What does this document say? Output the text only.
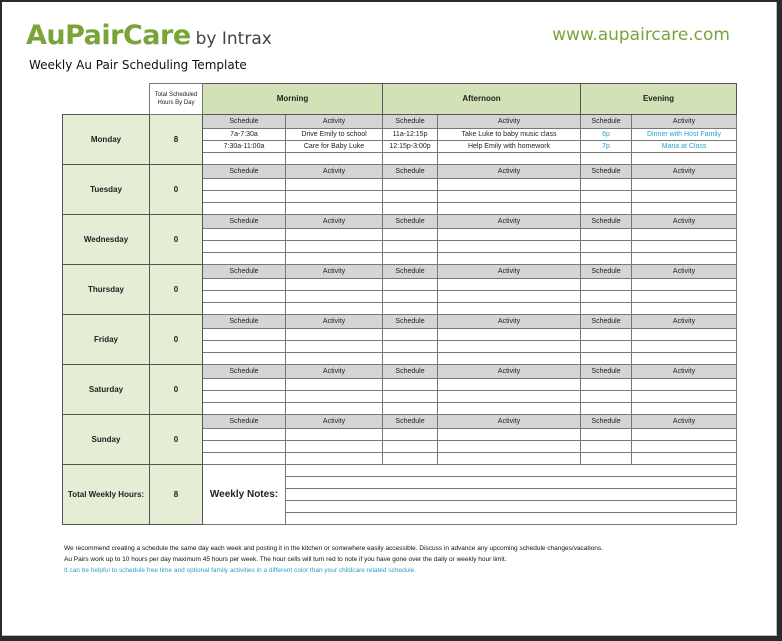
AuPairCare by Intrax	www.aupaircare.com
Weekly Au Pair Scheduling Template
	Total Scheduled Hours By Day	Morning		Afternoon		Evening	
Monday	8	Schedule	Activity	Schedule	Activity	Schedule	Activity
		7a-7:30a	Drive Emily to school	11a-12:15p	Take Luke to baby music class	6p	Dinner with Host Family
		7:30a-11:00a	Care for Baby Luke	12:15p-3:00p	Help Emily with homework	7p	Maria at Class

Tuesday	0	Schedule	Activity	Schedule	Activity	Schedule	Activity

Wednesday	0	Schedule	Activity	Schedule	Activity	Schedule	Activity

Thursday	0	Schedule	Activity	Schedule	Activity	Schedule	Activity

Friday	0	Schedule	Activity	Schedule	Activity	Schedule	Activity

Saturday	0	Schedule	Activity	Schedule	Activity	Schedule	Activity

Sunday	0	Schedule	Activity	Schedule	Activity	Schedule	Activity

Total Weekly Hours:	8	Weekly Notes:					

We recommend creating a schedule the same day each week and posting it in the kitchen or somewhere easily accessible. Discuss in advance any upcoming schedule changes/vacations.
Au Pairs work up to 10 hours per day maximum 45 hours per week. The hour cells will turn red to note if you have gone over the daily or weekly hour limit.
It can be helpful to schedule free time and optional family activities in a different color than your childcare related schedule.
